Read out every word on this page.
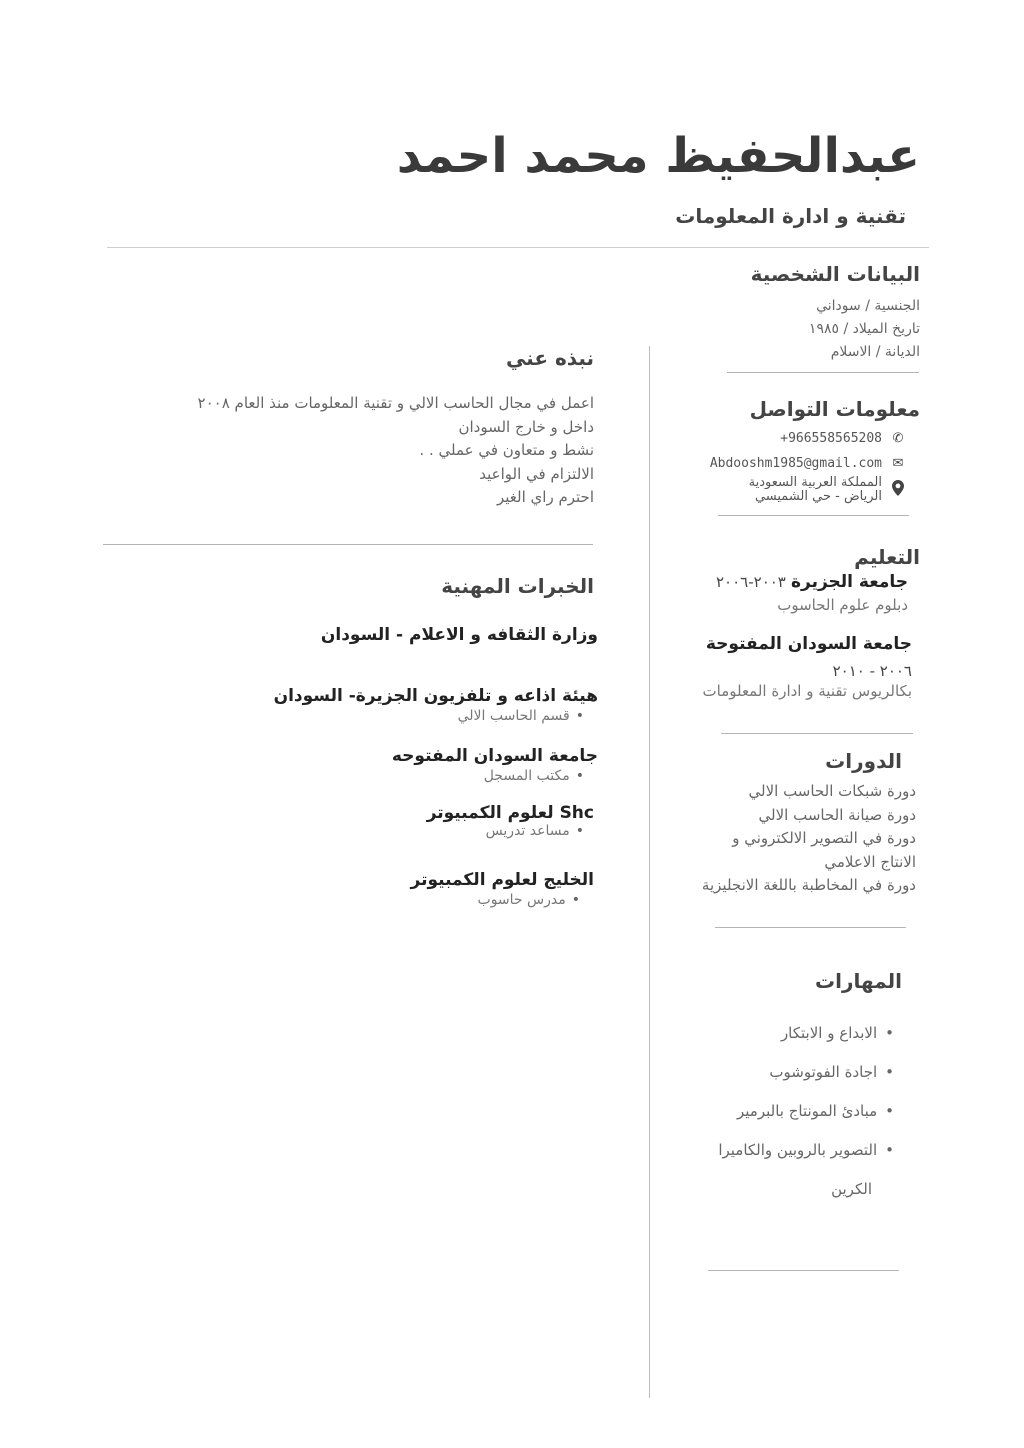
عبدالحفيظ محمد احمد
تقنية و ادارة المعلومات
البيانات الشخصية
الجنسية / سوداني
تاريخ الميلاد / ١٩٨٥
الديانة / الاسلام
معلومات التواصل
✆
+966558565208
✉
Abdooshm1985@gmail.com
المملكة العربية السعودية
الرياض - حي الشميسي
التعليم
جامعة الجزيرة ٢٠٠٣-٢٠٠٦
دبلوم علوم الحاسوب
جامعة السودان المفتوحة
٢٠٠٦ - ٢٠١٠
بكالريوس تقنية و ادارة المعلومات
الدورات
دورة شبكات الحاسب الالي
دورة صيانة الحاسب الالي
دورة في التصوير الالكتروني و
الانتاج الاعلامي
دورة في المخاطبة باللغة الانجليزية
المهارات
• الابداع و الابتكار
• اجادة الفوتوشوب
• مبادئ المونتاج بالبرمير
• التصوير بالروبين والكاميرا
الكرين
نبذه عني
اعمل في مجال الحاسب الالي و تقنية المعلومات منذ العام ٢٠٠٨
داخل و خارج السودان
نشط و متعاون في عملي . .
الالتزام في الواعيد
احترم راي الغير
الخبرات المهنية
وزارة الثقافه و الاعلام - السودان
هيئة اذاعه و تلفزيون الجزيرة- السودان
• قسم الحاسب الالي
جامعة السودان المفتوحه
• مكتب المسجل
Shc لعلوم الكمبيوتر
• مساعد تدريس
الخليج لعلوم الكمبيوتر
• مدرس حاسوب
